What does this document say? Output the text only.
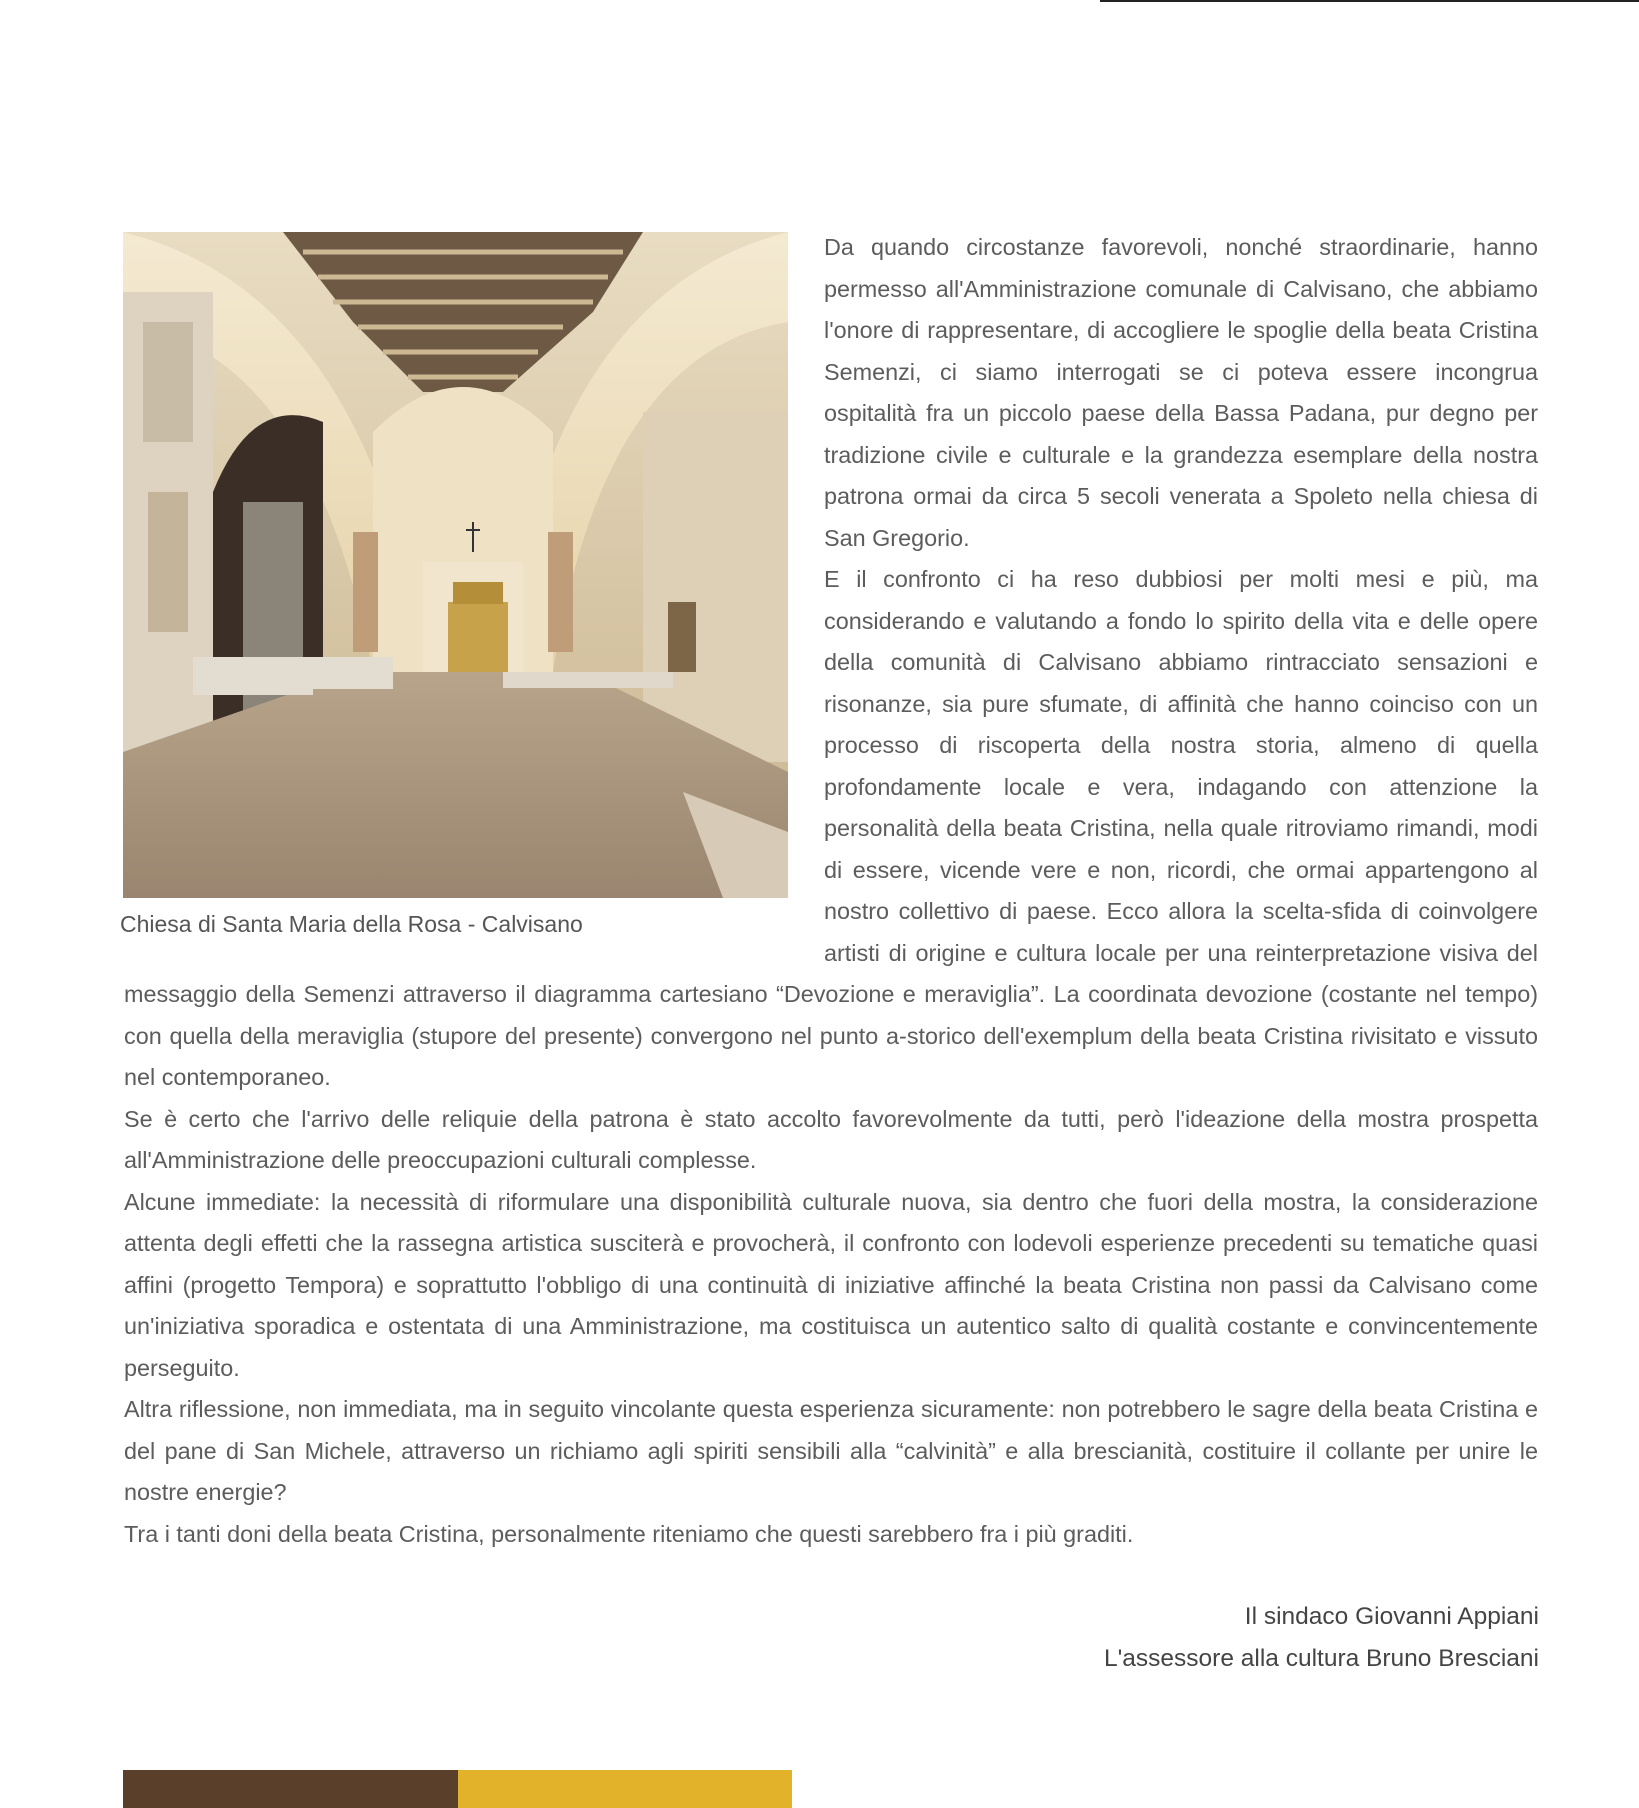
Chiesa di Santa Maria della Rosa - Calvisano

Da quando circostanze favorevoli, nonché straordinarie, hanno permesso all'Amministrazione comunale di Calvisano, che abbiamo l'onore di rappresentare, di accogliere le spoglie della beata Cristina Semenzi, ci siamo interrogati se ci poteva essere incongrua ospitalità fra un piccolo paese della Bassa Padana, pur degno per tradizione civile e culturale e la grandezza esemplare della nostra patrona ormai da circa 5 secoli venerata a Spoleto nella chiesa di San Gregorio.

E il confronto ci ha reso dubbiosi per molti mesi e più, ma considerando e valutando a fondo lo spirito della vita e delle opere della comunità di Calvisano abbiamo rintracciato sensazioni e risonanze, sia pure sfumate, di affinità che hanno coinciso con un processo di riscoperta della nostra storia, almeno di quella profondamente locale e vera, indagando con attenzione la personalità della beata Cristina, nella quale ritroviamo rimandi, modi di essere, vicende vere e non, ricordi, che ormai appartengono al nostro collettivo di paese. Ecco allora la scelta-sfida di coinvolgere artisti di origine e cultura locale per una reinterpretazione visiva del messaggio della Semenzi attraverso il diagramma cartesiano “Devozione e meraviglia”. La coordinata devozione (costante nel tempo) con quella della meraviglia (stupore del presente) convergono nel punto a-storico dell'exemplum della beata Cristina rivisitato e vissuto nel contemporaneo.

Se è certo che l'arrivo delle reliquie della patrona è stato accolto favorevolmente da tutti, però l'ideazione della mostra prospetta all'Amministrazione delle preoccupazioni culturali complesse.

Alcune immediate: la necessità di riformulare una disponibilità culturale nuova, sia dentro che fuori della mostra, la considerazione attenta degli effetti che la rassegna artistica susciterà e provocherà, il confronto con lodevoli esperienze precedenti su tematiche quasi affini (progetto Tempora) e soprattutto l'obbligo di una continuità di iniziative affinché la beata Cristina non passi da Calvisano come un'iniziativa sporadica e ostentata di una Amministrazione, ma costituisca un autentico salto di qualità costante e convincentemente perseguito.

Altra riflessione, non immediata, ma in seguito vincolante questa esperienza sicuramente: non potrebbero le sagre della beata Cristina e del pane di San Michele, attraverso un richiamo agli spiriti sensibili alla “calvinità” e alla brescianità, costituire il collante per unire le nostre energie?

Tra i tanti doni della beata Cristina, personalmente riteniamo che questi sarebbero fra i più graditi.

Il sindaco Giovanni Appiani
L'assessore alla cultura Bruno Bresciani
